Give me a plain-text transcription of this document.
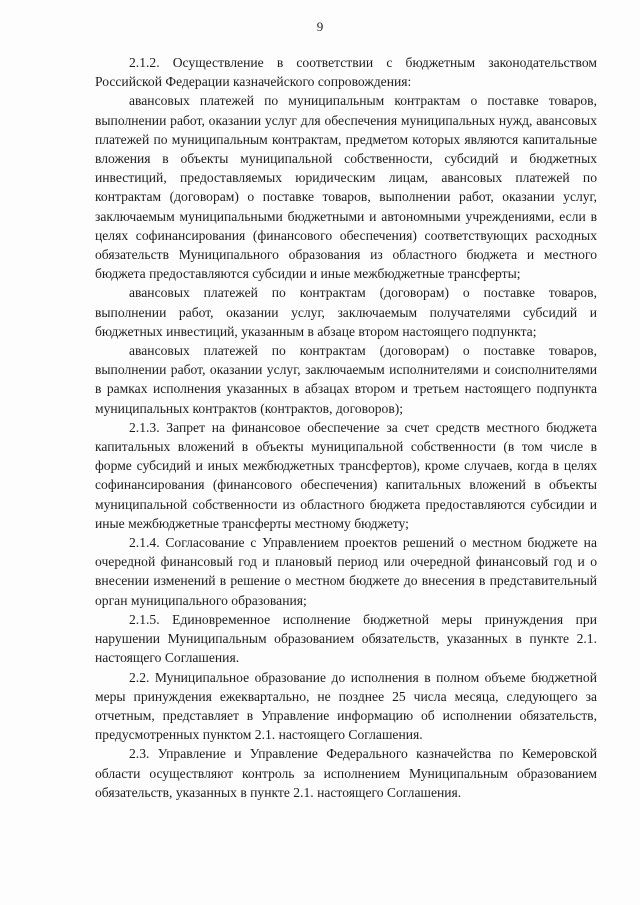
9

2.1.2. Осуществление в соответствии с бюджетным законодательством Российской Федерации казначейского сопровождения:

авансовых платежей по муниципальным контрактам о поставке товаров, выполнении работ, оказании услуг для обеспечения муниципальных нужд, авансовых платежей по муниципальным контрактам, предметом которых являются капитальные вложения в объекты муниципальной собственности, субсидий и бюджетных инвестиций, предоставляемых юридическим лицам, авансовых платежей по контрактам (договорам) о поставке товаров, выполнении работ, оказании услуг, заключаемым муниципальными бюджетными и автономными учреждениями, если в целях софинансирования (финансового обеспечения) соответствующих расходных обязательств Муниципального образования из областного бюджета и местного бюджета предоставляются субсидии и иные межбюджетные трансферты;

авансовых платежей по контрактам (договорам) о поставке товаров, выполнении работ, оказании услуг, заключаемым получателями субсидий и бюджетных инвестиций, указанным в абзаце втором настоящего подпункта;

авансовых платежей по контрактам (договорам) о поставке товаров, выполнении работ, оказании услуг, заключаемым исполнителями и соисполнителями в рамках исполнения указанных в абзацах втором и третьем настоящего подпункта муниципальных контрактов (контрактов, договоров);

2.1.3. Запрет на финансовое обеспечение за счет средств местного бюджета капитальных вложений в объекты муниципальной собственности (в том числе в форме субсидий и иных межбюджетных трансфертов), кроме случаев, когда в целях софинансирования (финансового обеспечения) капитальных вложений в объекты муниципальной собственности из областного бюджета предоставляются субсидии и иные межбюджетные трансферты местному бюджету;

2.1.4. Согласование с Управлением проектов решений о местном бюджете на очередной финансовый год и плановый период или очередной финансовый год и о внесении изменений в решение о местном бюджете до внесения в представительный орган муниципального образования;

2.1.5. Единовременное исполнение бюджетной меры принуждения при нарушении Муниципальным образованием обязательств, указанных в пункте 2.1. настоящего Соглашения.

2.2. Муниципальное образование до исполнения в полном объеме бюджетной меры принуждения ежеквартально, не позднее 25 числа месяца, следующего за отчетным, представляет в Управление информацию об исполнении обязательств, предусмотренных пунктом 2.1. настоящего Соглашения.

2.3. Управление и Управление Федерального казначейства по Кемеровской области осуществляют контроль за исполнением Муниципальным образованием обязательств, указанных в пункте 2.1. настоящего Соглашения.
